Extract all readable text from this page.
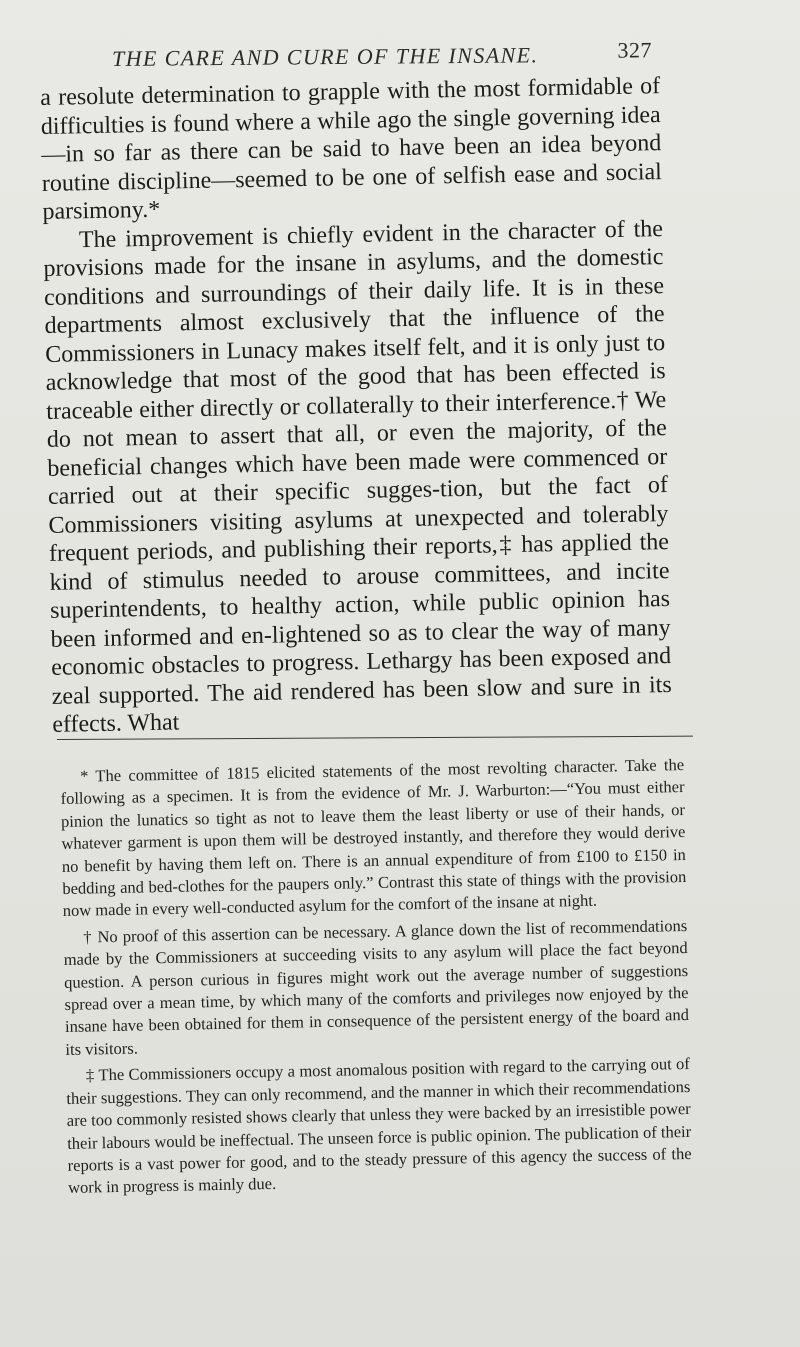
THE CARE AND CURE OF THE INSANE.	327

a resolute determination to grapple with the most formidable of difficulties is found where a while ago the single governing idea—in so far as there can be said to have been an idea beyond routine discipline—seemed to be one of selfish ease and social parsimony.*

The improvement is chiefly evident in the character of the provisions made for the insane in asylums, and the domestic conditions and surroundings of their daily life. It is in these departments almost exclusively that the influence of the Commissioners in Lunacy makes itself felt, and it is only just to acknowledge that most of the good that has been effected is traceable either directly or collaterally to their interference.† We do not mean to assert that all, or even the majority, of the beneficial changes which have been made were commenced or carried out at their specific sugges-tion, but the fact of Commissioners visiting asylums at unexpected and tolerably frequent periods, and publishing their reports,‡ has applied the kind of stimulus needed to arouse committees, and incite superintendents, to healthy action, while public opinion has been informed and en-lightened so as to clear the way of many economic obstacles to progress. Lethargy has been exposed and zeal supported. The aid rendered has been slow and sure in its effects. What

* The committee of 1815 elicited statements of the most revolting character. Take the following as a specimen. It is from the evidence of Mr. J. Warburton:—“You must either pinion the lunatics so tight as not to leave them the least liberty or use of their hands, or whatever garment is upon them will be destroyed instantly, and therefore they would derive no benefit by having them left on. There is an annual expenditure of from £100 to £150 in bedding and bed-clothes for the paupers only.” Contrast this state of things with the provision now made in every well-conducted asylum for the comfort of the insane at night.

† No proof of this assertion can be necessary. A glance down the list of recommendations made by the Commissioners at succeeding visits to any asylum will place the fact beyond question. A person curious in figures might work out the average number of suggestions spread over a mean time, by which many of the comforts and privileges now enjoyed by the insane have been obtained for them in consequence of the persistent energy of the board and its visitors.

‡ The Commissioners occupy a most anomalous position with regard to the carrying out of their suggestions. They can only recommend, and the manner in which their recommendations are too commonly resisted shows clearly that unless they were backed by an irresistible power their labours would be ineffectual. The unseen force is public opinion. The publication of their reports is a vast power for good, and to the steady pressure of this agency the success of the work in progress is mainly due.
